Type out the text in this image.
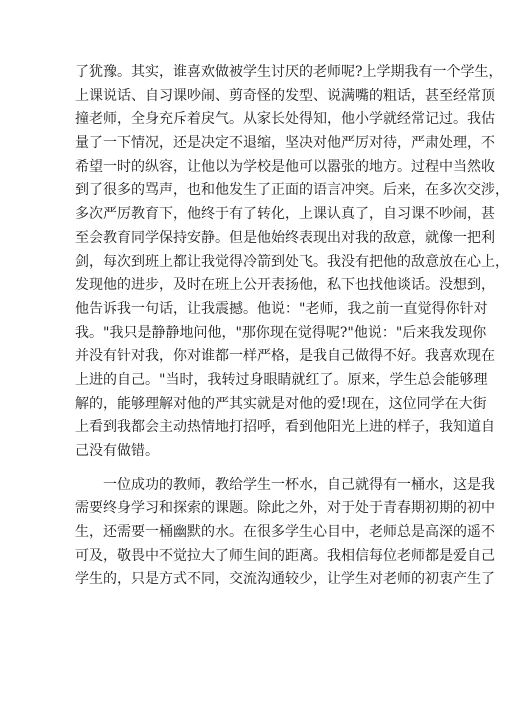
了犹豫。其实，谁喜欢做被学生讨厌的老师呢?上学期我有一个学生，
上课说话、自习课吵闹、剪奇怪的发型、说满嘴的粗话，甚至经常顶
撞老师，全身充斥着戾气。从家长处得知，他小学就经常记过。我估
量了一下情况，还是决定不退缩，坚决对他严厉对待，严肃处理，不
希望一时的纵容，让他以为学校是他可以嚣张的地方。过程中当然收
到了很多的骂声，也和他发生了正面的语言冲突。后来，在多次交涉，
多次严厉教育下，他终于有了转化，上课认真了，自习课不吵闹，甚
至会教育同学保持安静。但是他始终表现出对我的敌意，就像一把利
剑，每次到班上都让我觉得冷箭到处飞。我没有把他的敌意放在心上，
发现他的进步，及时在班上公开表扬他，私下也找他谈话。没想到，
他告诉我一句话，让我震撼。他说："老师，我之前一直觉得你针对
我。"我只是静静地问他，"那你现在觉得呢?"他说："后来我发现你
并没有针对我，你对谁都一样严格，是我自己做得不好。我喜欢现在
上进的自己。"当时，我转过身眼睛就红了。原来，学生总会能够理
解的，能够理解对他的严其实就是对他的爱!现在，这位同学在大街
上看到我都会主动热情地打招呼，看到他阳光上进的样子，我知道自
己没有做错。
一位成功的教师，教给学生一杯水，自己就得有一桶水，这是我
需要终身学习和探索的课题。除此之外，对于处于青春期初期的初中
生，还需要一桶幽默的水。在很多学生心目中，老师总是高深的遥不
可及，敬畏中不觉拉大了师生间的距离。我相信每位老师都是爱自己
学生的，只是方式不同，交流沟通较少，让学生对老师的初衷产生了
